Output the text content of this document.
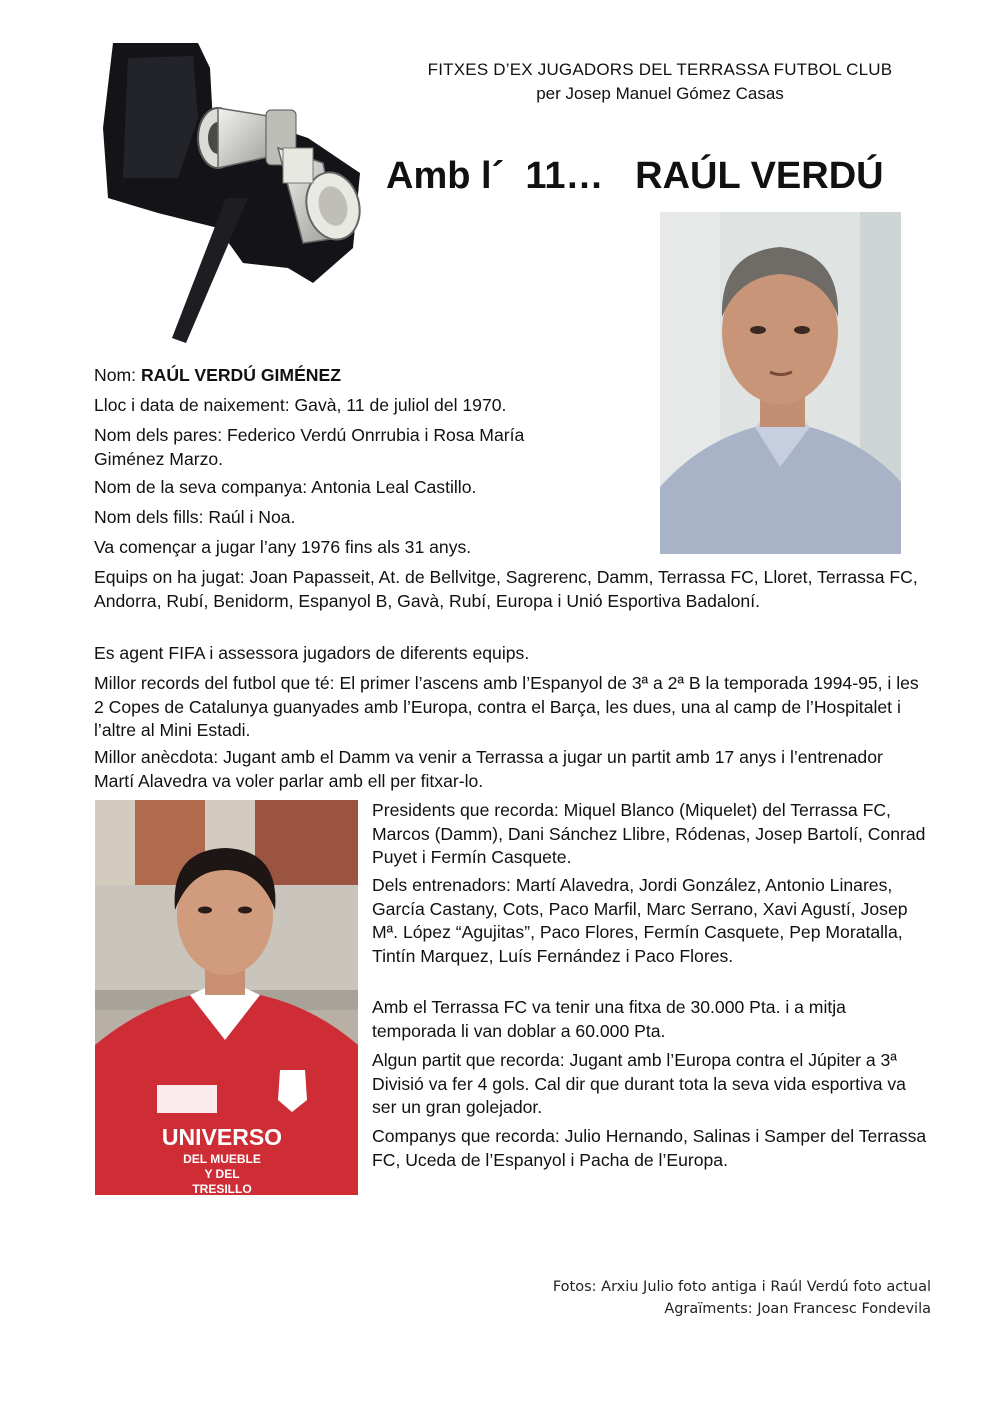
FITXES D’EX JUGADORS DEL TERRASSA FUTBOL CLUB
per Josep Manuel Gómez Casas
Amb l´  11…   RAÚL VERDÚ
Nom: RAÚL VERDÚ GIMÉNEZ
Lloc i data de naixement: Gavà, 11 de juliol del 1970.
Nom dels pares: Federico Verdú Onrrubia i Rosa María
Giménez Marzo.
Nom de la seva companya: Antonia Leal Castillo.
Nom dels fills: Raúl i Noa.
Va començar a jugar l’any 1976 fins als 31 anys.
Equips on ha jugat: Joan Papasseit, At. de Bellvitge, Sagrerenc, Damm, Terrassa FC, Lloret, Terrassa FC, Andorra, Rubí, Benidorm, Espanyol B, Gavà, Rubí, Europa i Unió Esportiva Badaloní.
Es agent FIFA i assessora jugadors de diferents equips.
Millor records del futbol que té: El primer l’ascens amb l’Espanyol de 3ª a 2ª B la temporada 1994-95, i les 2 Copes de Catalunya guanyades amb l’Europa, contra el Barça, les dues, una al camp de l’Hospitalet i l’altre al Mini Estadi.
Millor anècdota: Jugant amb el Damm va venir a Terrassa a jugar un partit amb 17 anys i l’entrenador Martí Alavedra va voler parlar amb ell per fitxar-lo.
UNIVERSO
DEL MUEBLE
Y DEL
TRESILLO
Presidents que recorda: Miquel Blanco (Miquelet) del Terrassa FC, Marcos (Damm), Dani Sánchez Llibre, Ródenas, Josep Bartolí, Conrad Puyet i Fermín Casquete.
Dels entrenadors: Martí Alavedra, Jordi González, Antonio Linares, García Castany, Cots, Paco Marfil, Marc Serrano, Xavi Agustí, Josep Mª. López “Agujitas”, Paco Flores, Fermín Casquete, Pep Moratalla, Tintín Marquez, Luís Fernández i Paco Flores.
Amb el Terrassa FC va tenir una fitxa de 30.000 Pta. i a mitja temporada li van doblar a 60.000 Pta.
Algun partit que recorda: Jugant amb l’Europa contra el Júpiter a 3ª Divisió va fer 4 gols. Cal dir que durant tota la seva vida esportiva va ser un gran golejador.
Companys que recorda: Julio Hernando, Salinas i Samper del Terrassa FC, Uceda de l’Espanyol i Pacha de l’Europa.
Fotos: Arxiu Julio foto antiga i Raúl Verdú foto actual
Agraïments: Joan Francesc Fondevila
